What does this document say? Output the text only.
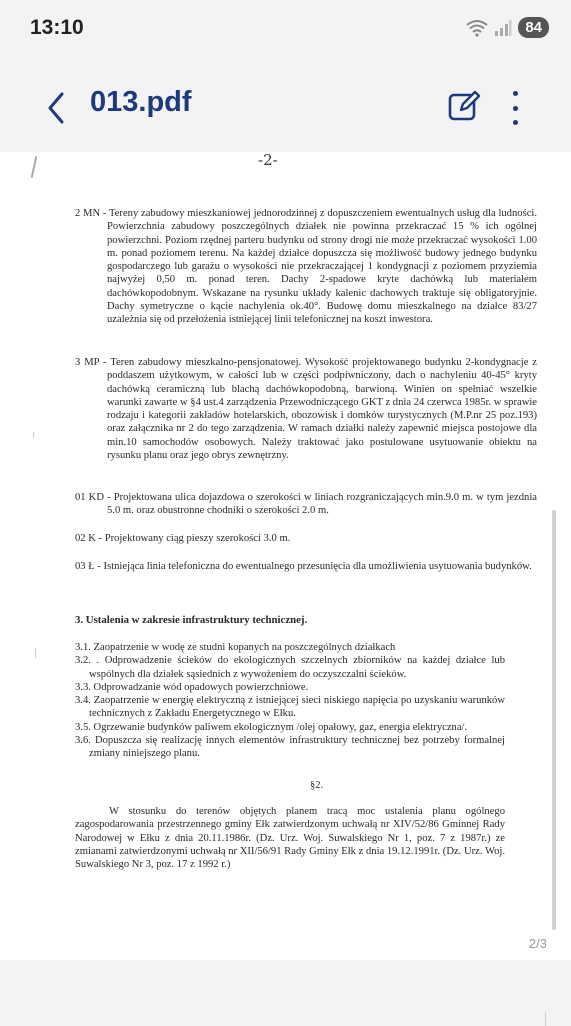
13:10	84
013.pdf
-2-
2 MN - Tereny zabudowy mieszkaniowej jednorodzinnej z dopuszczeniem ewentualnych usług dla ludności. Powierzchnia zabudowy poszczególnych działek nie powinna przekraczać 15 % ich ogólnej powierzchni. Poziom rzędnej parteru budynku od strony drogi nie może przekraczać wysokości 1.00 m. ponad poziomem terenu. Na każdej działce dopuszcza się możliwość budowy jednego budynku gospodarczego lub garażu o wysokości nie przekraczającej 1 kondygnacji z poziomem przyziemia najwyżej 0,50 m. ponad teren. Dachy 2-spadowe kryte dachówką lub materiałem dachówkopodobnym. Wskazane na rysunku układy kalenic dachowych traktuje się obligatoryjnie. Dachy symetryczne o kącie nachylenia ok.40°. Budowę domu mieszkalnego na działce 83/27 uzależnia się od przełożenia istniejącej linii telefonicznej na koszt inwestora.
3 MP - Teren zabudowy mieszkalno-pensjonatowej. Wysokość projektowanego budynku 2-kondygnacje z poddaszem użytkowym, w całości lub w części podpiwniczony, dach o nachyleniu 40-45° kryty dachówką ceramiczną lub blachą dachówkopodobną, barwioną. Winien on spełniać wszelkie warunki zawarte w §4 ust.4 zarządzenia Przewodniczącego GKT z dnia 24 czerwca 1985r. w sprawie rodzaju i kategorii zakładów hotelarskich, obozowisk i domków turystycznych (M.P.nr 25 poz.193) oraz załącznika nr 2 do tego zarządzenia. W ramach działki należy zapewnić miejsca postojowe dla min.10 samochodów osobowych. Należy traktować jako postulowane usytuowanie obiektu na rysunku planu oraz jego obrys zewnętrzny.
01 KD - Projektowana ulica dojazdowa o szerokości w liniach rozgraniczających min.9.0 m. w tym jezdnia 5.0 m. oraz obustronne chodniki o szerokości 2.0 m.
02 K - Projektowany ciąg pieszy szerokości 3.0 m.
03 Ł - Istniejąca linia telefoniczna do ewentualnego przesunięcia dla umożliwienia usytuowania budynków.
3. Ustalenia w zakresie infrastruktury technicznej.

3.1. Zaopatrzenie w wodę ze studni kopanych na poszczególnych działkach

3.2. . Odprowadzenie ścieków do ekologicznych szczelnych zbiorników na każdej działce lub wspólnych dla działek sąsiednich z wywożeniem do oczyszczalni ścieków.

3.3. Odprowadzanie wód opadowych powierzchniowe.

3.4. Zaopatrzenie w energię elektryczną z istniejącej sieci niskiego napięcia po uzyskaniu warunków technicznych z Zakładu Energetycznego w Ełku.

3.5. Ogrzewanie budynków paliwem ekologicznym /olej opałowy, gaz, energia elektryczna/.

3.6. Dopuszcza się realizację innych elementów infrastruktury technicznej bez potrzeby formalnej zmiany niniejszego planu.

§2.
W stosunku do terenów objętych planem tracą moc ustalenia planu ogólnego zagospodarowania przestrzennego gminy Ełk zatwierdzonym uchwałą nr XIV/52/86 Gminnej Rady Narodowej w Ełku z dnia 20.11.1986r. (Dz. Urz. Woj. Suwalskiego Nr 1, poz. 7 z 1987r.) ze zmianami zatwierdzonymi uchwałą nr XII/56/91 Rady Gminy Ełk z dnia 19.12.1991r. (Dz. Urz. Woj. Suwalskiego Nr 3, poz. 17 z 1992 r.)
2/3
